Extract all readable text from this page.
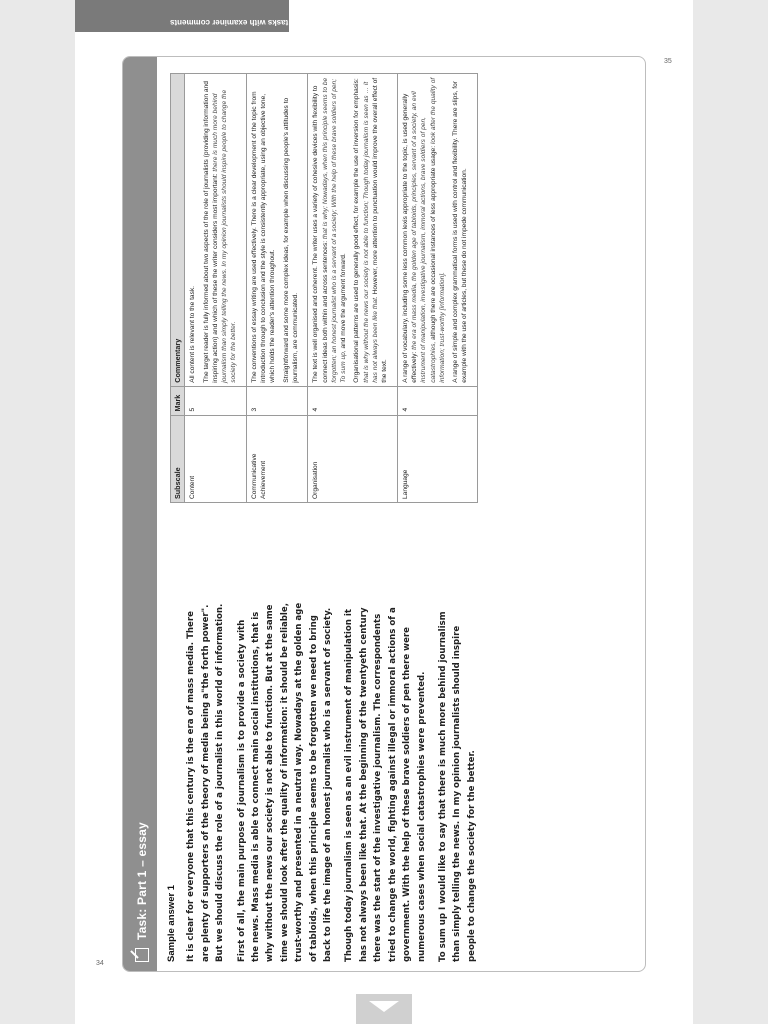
↓
Sample tasks with examiner comments
34
35
Task: Part 1 – essay Sample answer 1 It is clear for everyone that this century is the era of mass media. There are plenty of supporters of the theory of media being a"the forth power". But we should discuss the role of a journalist in this world of information. First of all, the main purpose of journalism is to provide a society with the news. Mass media is able to connect main social institutions, that is why without the news our society is not able to function. But at the same time we should look after the quality of information: it should be reliable, trust-worthy and presented in a neutral way. Nowadays at the golden age of tabloids, when this principle seems to be forgotten we need to bring back to life the image of an honest journalist who is a servant of society. Though today journalism is seen as an evil instrument of manipulation it has not always been like that. At the beginning of the twentyeth century there was the start of the investigative journalism. The correspondents tried to change the world, fighting against illegal or immoral actions of a government. With the help of these brave soldiers of pen there were numerous cases when social catastrophies were prevented. To sum up I would like to say that there is much more behind journalism than simply telling the news. In my opinion journalists should inspire people to change the society for the better.

Subscale	Mark	Commentary
Content	5	All content is relevant to the task. The target reader is fully informed about two aspects of the role of journalists (providing information and inspiring action) and which of these the writer considers most important: there is much more behind journalism than simply telling the news. In my opinion journalists should inspire people to change the society for the better.

Communicative Achievement	3	The conventions of essay writing are used effectively. There is a clear development of the topic from introduction through to conclusion and the style is consistently appropriate, using an objective tone, which holds the reader's attention throughout. Straightforward and some more complex ideas, for example when discussing people's attitudes to journalism, are communicated.

Organisation	4	The text is well organised and coherent. The writer uses a variety of cohesive devices with flexibility to connect ideas both within and across sentences: that is why; Nowadays, when this principle seems to be forgotten; an honest journalist who is a servant of a society; With the help of these brave soldiers of pen; To sum up, and move the argument forward. Organisational patterns are used to generally good effect, for example the use of inversion for emphasis: that is why without the news our society is not able to function; Though today journalism is seen as … it has not always been like that. However, more attention to punctuation would improve the overall effect of the text.

Language	4	A range of vocabulary, including some less common lexis appropriate to the topic, is used generally effectively: the era of mass media, the golden age of tabloids, principles, servant of a society, an evil instrument of manipulation, investigative journalism, immoral actions, brave soldiers of pen, catastrophies, although there are occasional instances of less appropriate usage: look after the quality of information; trust-worthy [information]. A range of simple and complex grammatical forms is used with control and flexibility. There are slips, for example with the use of articles, but these do not impede communication.
